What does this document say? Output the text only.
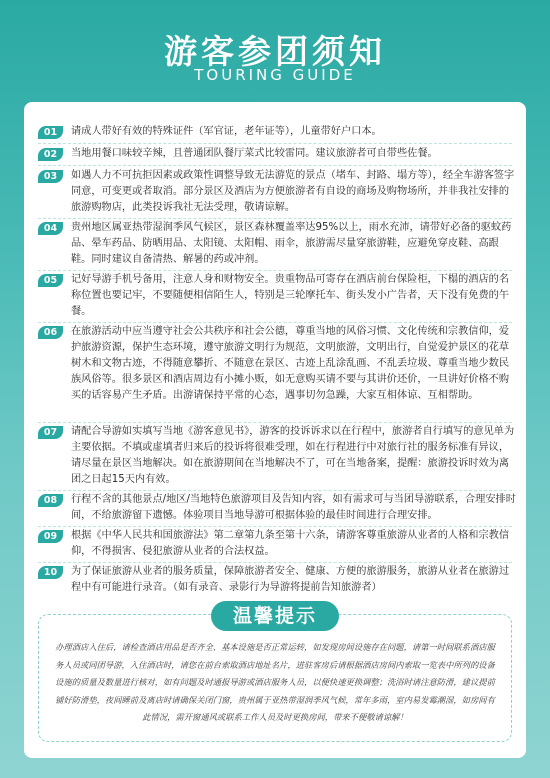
游客参团须知
TOURING GUIDE
01	请成人带好有效的特殊证件（军官证，老年证等），儿童带好户口本。
02	当地用餐口味较辛辣，且普通团队餐厅菜式比较雷同。建议旅游者可自带些佐餐。
03	如遇人力不可抗拒因素或政策性调整导致无法游览的景点（堵车、封路、塌方等），经全车游客签字同意，可变更或者取消。部分景区及酒店为方便旅游者有自设的商场及购物场所，并非我社安排的旅游购物店，此类投诉我社无法受理，敬请谅解。
04	贵州地区属亚热带湿润季风气候区，景区森林覆盖率达95%以上，雨水充沛，请带好必备的驱蚊药品、晕车药品、防晒用品、太阳镜、太阳帽、雨伞，旅游需尽量穿旅游鞋，应避免穿皮鞋、高跟鞋。同时建议自备清热、解暑的药或冲剂。
05	记好导游手机号备用，注意人身和财物安全。贵重物品可寄存在酒店前台保险柜，下榻的酒店的名称位置也要记牢，不要随便相信陌生人，特别是三轮摩托车、街头发小广告者，天下没有免费的午餐。
06	在旅游活动中应当遵守社会公共秩序和社会公德，尊重当地的风俗习惯、文化传统和宗教信仰，爱护旅游资源，保护生态环境，遵守旅游文明行为规范，文明旅游，文明出行，自觉爱护景区的花草树木和文物古迹，不得随意攀折、不随意在景区、古迹上乱涂乱画、不乱丢垃圾、尊重当地少数民族风俗等。很多景区和酒店周边有小摊小贩，如无意购买请不要与其讲价还价，一旦讲好价格不购买的话容易产生矛盾。出游请保持平常的心态，遇事切勿急躁，大家互相体谅、互相帮助。
07	请配合导游如实填写当地《游客意见书》，游客的投诉诉求以在行程中，旅游者自行填写的意见单为主要依据。不填或虚填者归来后的投诉将很难受理，如在行程进行中对旅行社的服务标准有异议，请尽量在景区当地解决。如在旅游期间在当地解决不了，可在当地备案，提醒：旅游投诉时效为离团之日起15天内有效。
08	行程不含的其他景点/地区/当地特色旅游项目及告知内容，如有需求可与当团导游联系，合理安排时间，不给旅游留下遗憾。体验项目当地导游可根据体验的最佳时间进行合理安排。
09	根据《中华人民共和国旅游法》第二章第九条至第十六条，请游客尊重旅游从业者的人格和宗教信仰，不得损害、侵犯旅游从业者的合法权益。
10	为了保证旅游从业者的服务质量，保障旅游者安全、健康、方便的旅游服务，旅游从业者在旅游过程中有可能进行录音。（如有录音、录影行为导游将提前告知旅游者）
办理酒店入住后，请检查酒店用品是否齐全、基本设施是否正常运转，如发现房间设施存在问题，请第一时间联系酒店服务人员或同团导游，入住酒店时，请您在前台索取酒店地址名片，进驻客房后请根据酒店房间内索取一览表中所列的设备设施的质量及数量进行核对，如有问题及时通报导游或酒店服务人员，以便快速更换调整；洗浴时请注意防滑，建议提前铺好防滑垫，夜间睡前及离店时请确保关闭门窗，贵州属于亚热带湿润季风气候，常年多雨，室内易发霉潮湿，如房间有此情况，需开窗通风或联系工作人员及时更换房间，带来不便敬请谅解！
温馨提示
